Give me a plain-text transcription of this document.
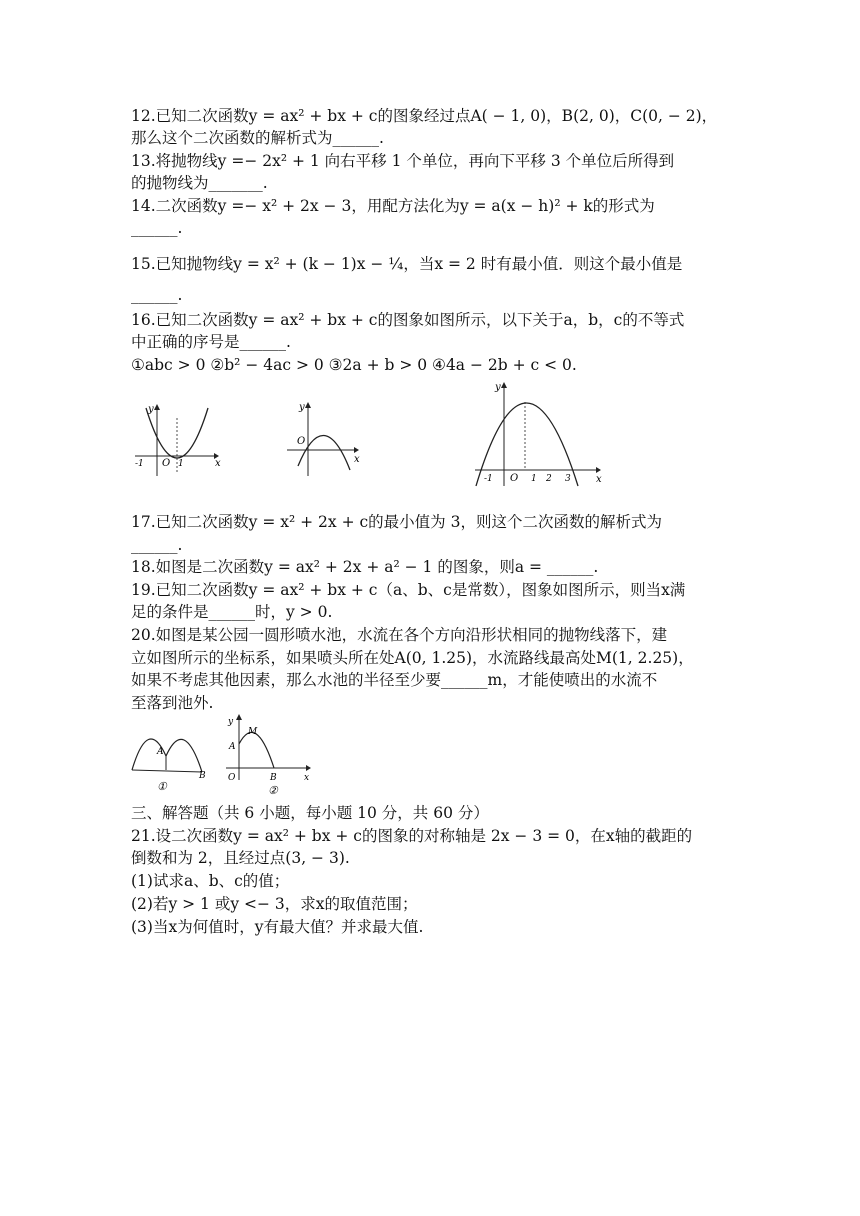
12.已知二次函数y = ax² + bx + c的图象经过点A( − 1, 0)，B(2, 0)，C(0, − 2)，
那么这个二次函数的解析式为______.
13.将抛物线y =− 2x² + 1 向右平移 1 个单位，再向下平移 3 个单位后所得到
的抛物线为_______.
14.二次函数y =− x² + 2x − 3，用配方法化为y = a(x − h)² + k的形式为
______.
15.已知抛物线y = x² + (k − 1)x − ¼，当x = 2 时有最小值．则这个最小值是
______.
16.已知二次函数y = ax² + bx + c的图象如图所示，以下关于a，b，c的不等式
中正确的序号是______.
①abc > 0 ②b² − 4ac > 0 ③2a + b > 0 ④4a − 2b + c < 0.
y
x
O
-1	1
y
x
O
y
x
O
-1	1 2 3
17.已知二次函数y = x² + 2x + c的最小值为 3，则这个二次函数的解析式为
______.
18.如图是二次函数y = ax² + 2x + a² − 1 的图象，则a = ______.
19.已知二次函数y = ax² + bx + c（a、b、c是常数），图象如图所示，则当x满
足的条件是______时，y > 0.
20.如图是某公园一圆形喷水池，水流在各个方向沿形状相同的抛物线落下，建
立如图所示的坐标系，如果喷头所在处A(0, 1.25)，水流路线最高处M(1, 2.25)，
如果不考虑其他因素，那么水池的半径至少要______m，才能使喷出的水流不
至落到池外.
A
B
①
y
x
O
A
M
B
②
三、解答题（共 6 小题，每小题 10 分，共 60 分）
21.设二次函数y = ax² + bx + c的图象的对称轴是 2x − 3 = 0，在x轴的截距的
倒数和为 2，且经过点(3, − 3).
(1)试求a、b、c的值；
(2)若y > 1 或y <− 3，求x的取值范围；
(3)当x为何值时，y有最大值？并求最大值.
